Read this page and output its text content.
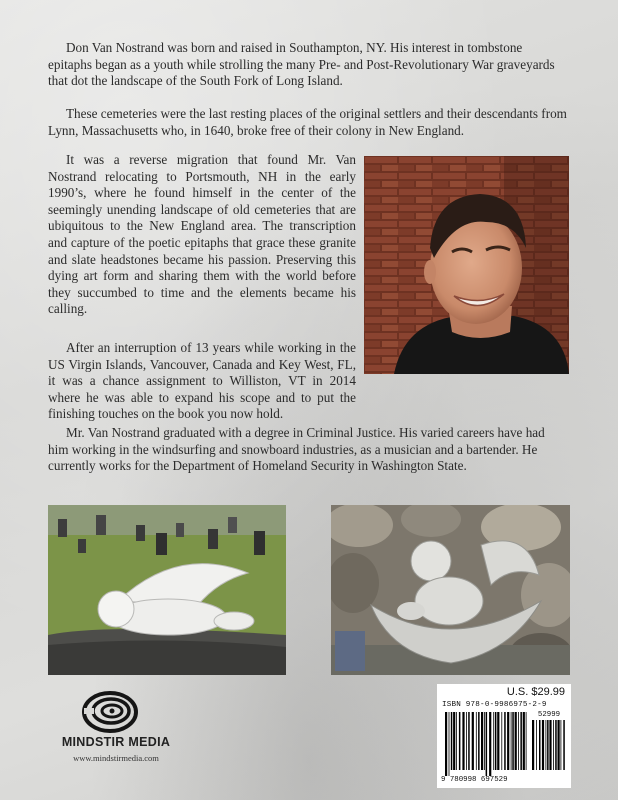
Don Van Nostrand was born and raised in Southampton, NY. His interest in tombstone epitaphs began as a youth while strolling the many Pre- and Post-Revolutionary War graveyards that dot the landscape of the South Fork of Long Island.

These cemeteries were the last resting places of the original settlers and their descendants from Lynn, Massachusetts who, in 1640, broke free of their colony in New England.

It was a reverse migration that found Mr. Van Nostrand relocating to Portsmouth, NH in the early 1990’s, where he found himself in the center of the seemingly unending landscape of old cemeteries that are ubiquitous to the New England area. The transcription and capture of the poetic epitaphs that grace these granite and slate headstones became his passion. Preserving this dying art form and sharing them with the world before they succumbed to time and the elements became his calling.

After an interruption of 13 years while working in the US Virgin Islands, Vancouver, Canada and Key West, FL, it was a chance assignment to Williston, VT in 2014 where he was able to expand his scope and to put the finishing touches on the book you now hold.

Mr. Van Nostrand graduated with a degree in Criminal Justice. His varied careers have had him working in the windsurfing and snowboard industries, as a musician and a bartender. He currently works for the Department of Homeland Security in Washington State.

MINDSTIR MEDIA
www.mindstirmedia.com
U.S. $29.99
ISBN 978-0-9986975-2-9
52999
9 780998 697529
